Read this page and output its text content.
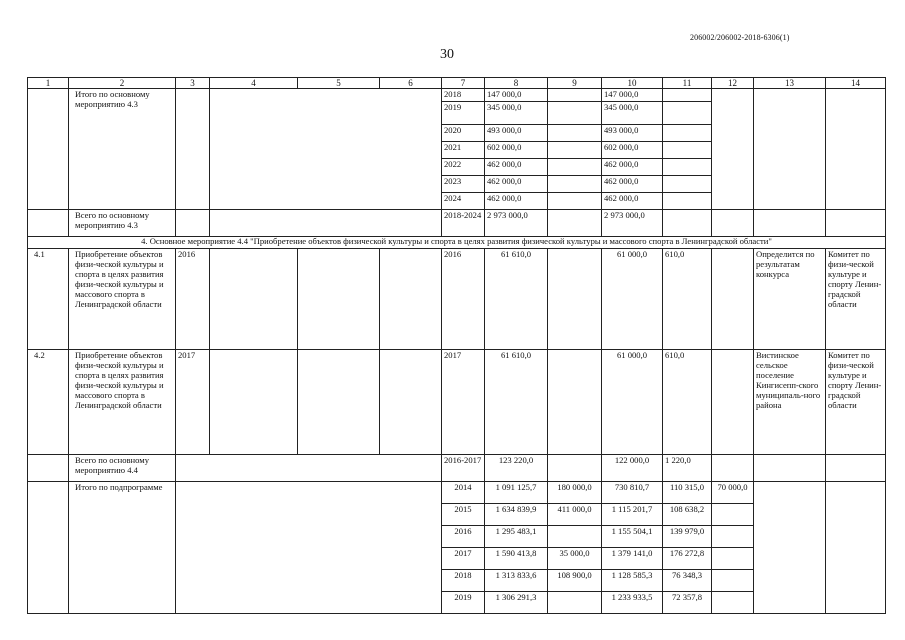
206002/206002-2018-6306(1)
30
1	2	3	4	5	6	7	8	9	10	11	12	13	14
	Итого по основному мероприятию 4.3					2018	147 000,0		147 000,0				
						2019	345 000,0		345 000,0				
						2020	493 000,0		493 000,0				
						2021	602 000,0		602 000,0				
						2022	462 000,0		462 000,0				
						2023	462 000,0		462 000,0				
						2024	462 000,0		462 000,0				
	Всего по основному мероприятию 4.3					2018-2024	2 973 000,0		2 973 000,0				
4. Основное мероприятие 4.4 "Приобретение объектов физической культуры и спорта в целях развития физической культуры и массового спорта в Ленинградской области"													
4.1	Приобретение объектов физи-ческой культуры и спорта в целях развития физи-ческой культуры и массового спорта в Ленинградской области	2016				2016	61 610,0		61 000,0	610,0		Определится по результатам конкурса	Комитет по физи-ческой культуре и спорту Ленин-градской области
4.2	Приобретение объектов физи-ческой культуры и спорта в целях развития физи-ческой культуры и массового спорта в Ленинградской области	2017				2017	61 610,0		61 000,0	610,0		Вистинское сельское поселение Кингисепп-ского муниципаль-ного района	Комитет по физи-ческой культуре и спорту Ленин-градской области
	Всего по основному мероприятию 4.4					2016-2017	123 220,0		122 000,0	1 220,0			
	Итого по подпрограмме					2014	1 091 125,7	180 000,0	730 810,7	110 315,0	70 000,0		
						2015	1 634 839,9	411 000,0	1 115 201,7	108 638,2			
						2016	1 295 483,1		1 155 504,1	139 979,0			
						2017	1 590 413,8	35 000,0	1 379 141,0	176 272,8			
						2018	1 313 833,6	108 900,0	1 128 585,3	76 348,3			
						2019	1 306 291,3		1 233 933,5	72 357,8			
